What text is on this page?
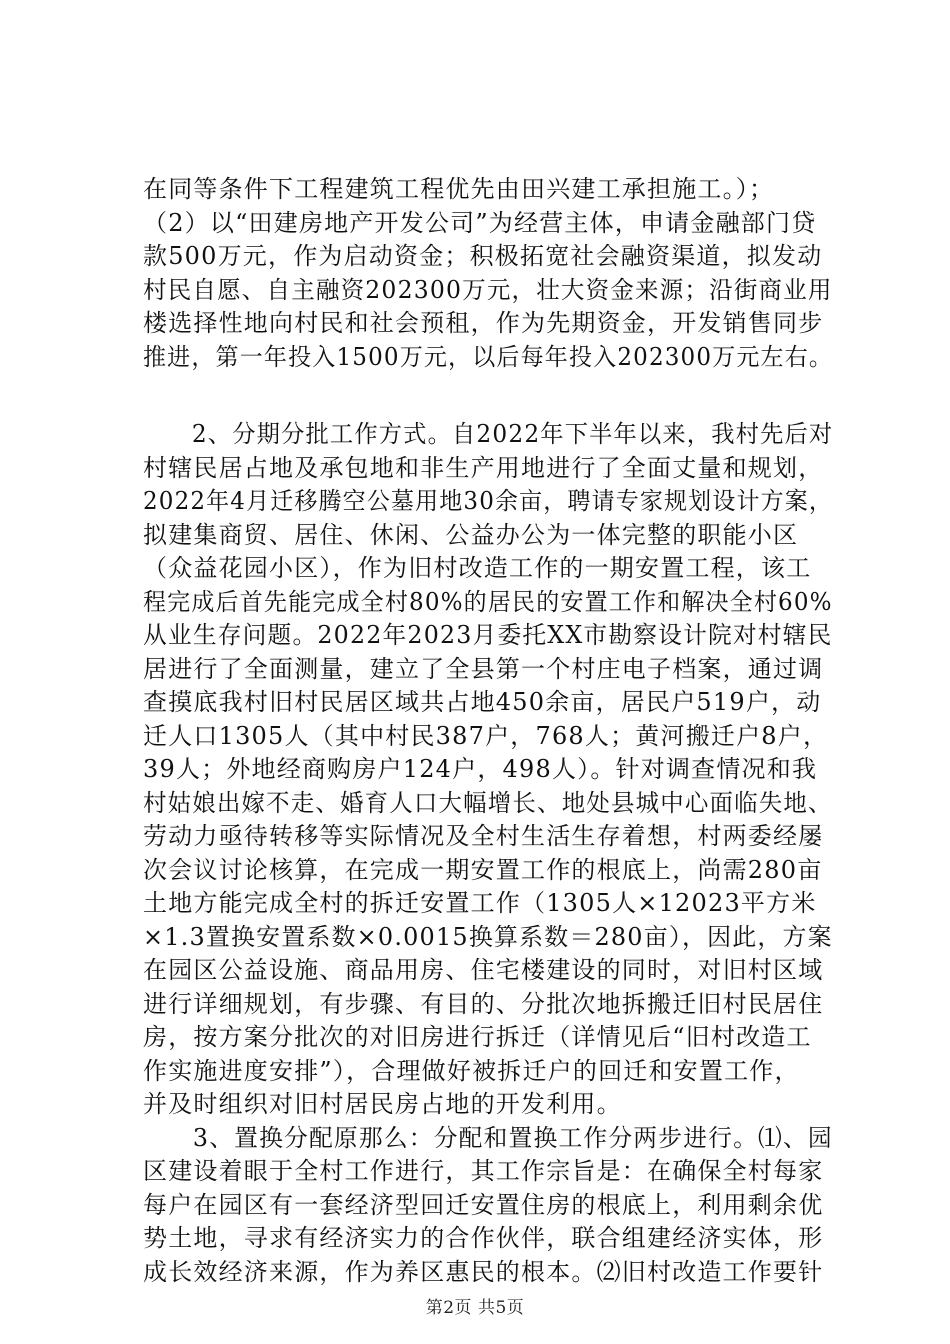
在同等条件下工程建筑工程优先由田兴建工承担施工。）；
（2）以“田建房地产开发公司”为经营主体，申请金融部门贷
款500万元，作为启动资金；积极拓宽社会融资渠道，拟发动
村民自愿、自主融资202300万元，壮大资金来源；沿街商业用
楼选择性地向村民和社会预租，作为先期资金，开发销售同步
推进，第一年投入1500万元，以后每年投入202300万元左右。
　　2、分期分批工作方式。自2022年下半年以来，我村先后对
村辖民居占地及承包地和非生产用地进行了全面丈量和规划，
2022年4月迁移腾空公墓用地30余亩，聘请专家规划设计方案，
拟建集商贸、居住、休闲、公益办公为一体完整的职能小区
（众益花园小区），作为旧村改造工作的一期安置工程，该工
程完成后首先能完成全村80%的居民的安置工作和解决全村60%
从业生存问题。2022年2023月委托XX市勘察设计院对村辖民
居进行了全面测量，建立了全县第一个村庄电子档案，通过调
查摸底我村旧村民居区域共占地450余亩，居民户519户，动
迁人口1305人（其中村民387户，768人；黄河搬迁户8户，
39人；外地经商购房户124户，498人）。针对调查情况和我
村姑娘出嫁不走、婚育人口大幅增长、地处县城中心面临失地、
劳动力亟待转移等实际情况及全村生活生存着想，村两委经屡
次会议讨论核算，在完成一期安置工作的根底上，尚需280亩
土地方能完成全村的拆迁安置工作（1305人×12023平方米
×1.3置换安置系数×0.0015换算系数＝280亩），因此，方案
在园区公益设施、商品用房、住宅楼建设的同时，对旧村区域
进行详细规划，有步骤、有目的、分批次地拆搬迁旧村民居住
房，按方案分批次的对旧房进行拆迁（详情见后“旧村改造工
作实施进度安排”），合理做好被拆迁户的回迁和安置工作，
并及时组织对旧村居民房占地的开发利用。
　　3、置换分配原那么：分配和置换工作分两步进行。⑴、园
区建设着眼于全村工作进行，其工作宗旨是：在确保全村每家
每户在园区有一套经济型回迁安置住房的根底上，利用剩余优
势土地，寻求有经济实力的合作伙伴，联合组建经济实体，形
成长效经济来源，作为养区惠民的根本。⑵旧村改造工作要针
第2页 共5页
